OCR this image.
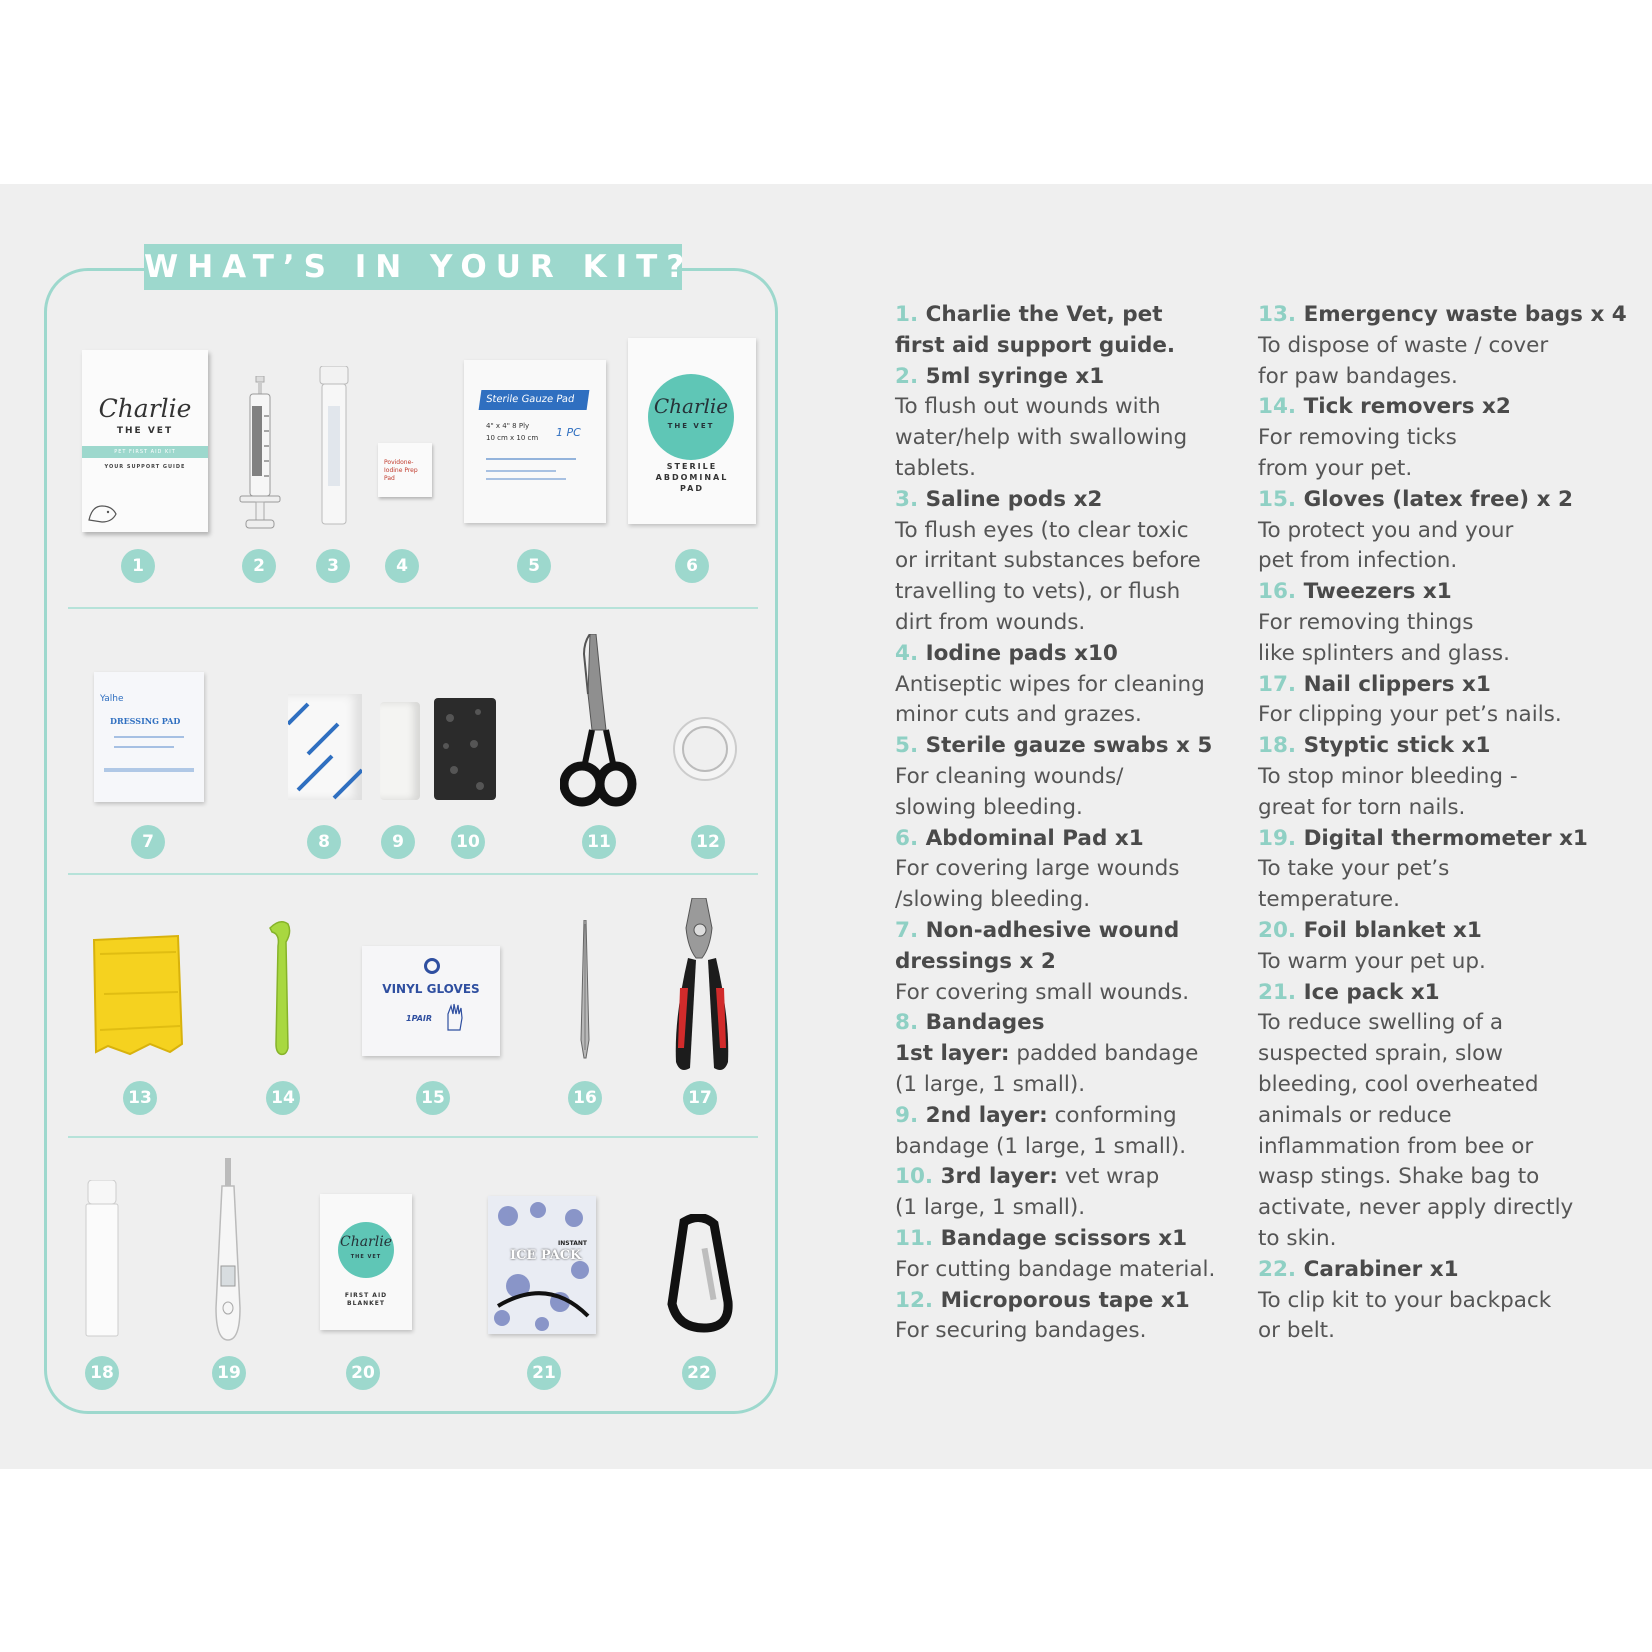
WHAT’S IN YOUR KIT?
Charlie
THE VET
PET FIRST AID KIT
YOUR SUPPORT GUIDE
Povidone-Iodine Prep Pad
Sterile Gauze Pad
4" x 4" 8 Ply
10 cm x 10 cm 1 PC
Charlie
THE VET
STERILE
ABDOMINAL
PAD
Yalhe
DRESSING PAD
VINYL GLOVES
1PAIR
Charlie
THE VET
FIRST AID BLANKET
INSTANT
ICE PACK
1	2	3	4	5	6
7	8	9	10	11	12
13	14	15	16	17
18	19	20	21	22
1. Charlie the Vet, pet
first aid support guide.
2. 5ml syringe x1
To flush out wounds with
water/help with swallowing
tablets.
3. Saline pods x2
To flush eyes (to clear toxic
or irritant substances before
travelling to vets), or flush
dirt from wounds.
4. Iodine pads x10
Antiseptic wipes for cleaning
minor cuts and grazes.
5. Sterile gauze swabs x 5
For cleaning wounds/
slowing bleeding.
6. Abdominal Pad x1
For covering large wounds
/slowing bleeding.
7. Non-adhesive wound
dressings x 2
For covering small wounds.
8. Bandages
1st layer: padded bandage
(1 large, 1 small).
9. 2nd layer: conforming
bandage (1 large, 1 small).
10. 3rd layer: vet wrap
(1 large, 1 small).
11. Bandage scissors x1
For cutting bandage material.
12. Microporous tape x1
For securing bandages.
13. Emergency waste bags x 4
To dispose of waste / cover
for paw bandages.
14. Tick removers x2
For removing ticks
from your pet.
15. Gloves (latex free) x 2
To protect you and your
pet from infection.
16. Tweezers x1
For removing things
like splinters and glass.
17. Nail clippers x1
For clipping your pet’s nails.
18. Styptic stick x1
To stop minor bleeding -
great for torn nails.
19. Digital thermometer x1
To take your pet’s
temperature.
20. Foil blanket x1
To warm your pet up.
21. Ice pack x1
To reduce swelling of a
suspected sprain, slow
bleeding, cool overheated
animals or reduce
inflammation from bee or
wasp stings. Shake bag to
activate, never apply directly
to skin.
22. Carabiner x1
To clip kit to your backpack
or belt.
